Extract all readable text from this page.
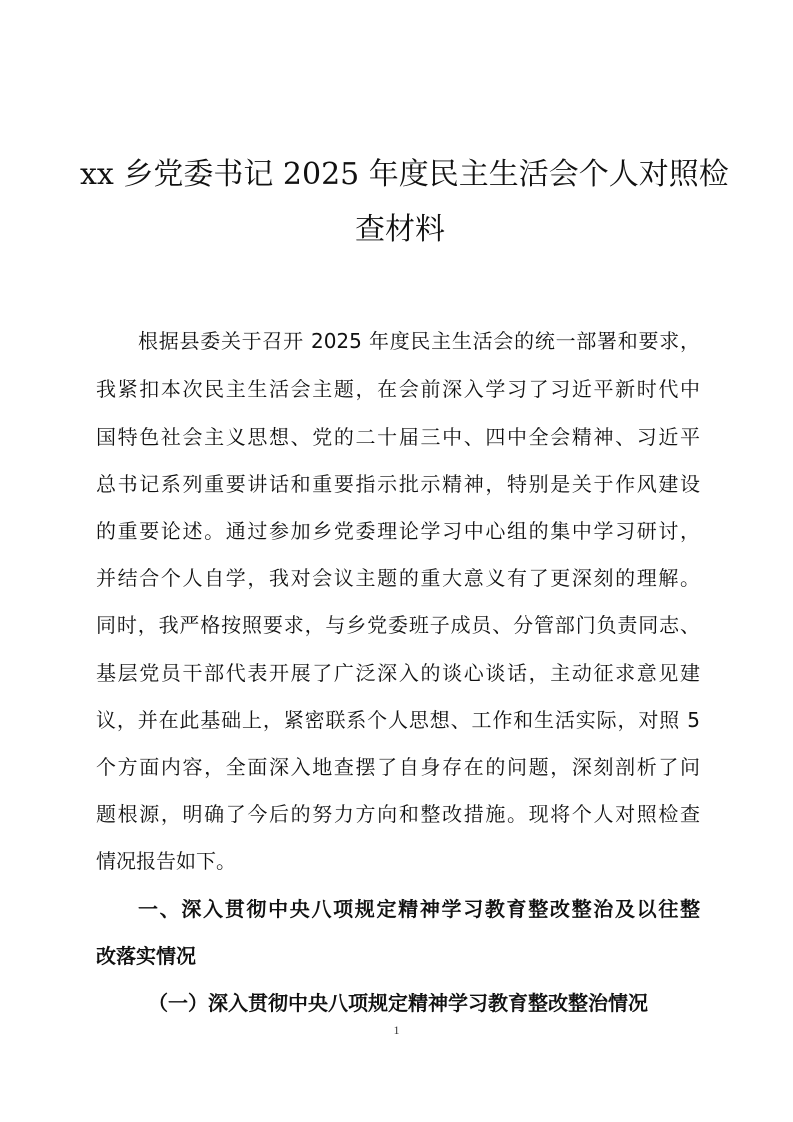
xx 乡党委书记 2025 年度民主生活会个人对照检
查材料
根据县委关于召开 2025 年度民主生活会的统一部署和要求，
我紧扣本次民主生活会主题，在会前深入学习了习近平新时代中
国特色社会主义思想、党的二十届三中、四中全会精神、习近平
总书记系列重要讲话和重要指示批示精神，特别是关于作风建设
的重要论述。通过参加乡党委理论学习中心组的集中学习研讨，
并结合个人自学，我对会议主题的重大意义有了更深刻的理解。
同时，我严格按照要求，与乡党委班子成员、分管部门负责同志、
基层党员干部代表开展了广泛深入的谈心谈话，主动征求意见建
议，并在此基础上，紧密联系个人思想、工作和生活实际，对照 5
个方面内容，全面深入地查摆了自身存在的问题，深刻剖析了问
题根源，明确了今后的努力方向和整改措施。现将个人对照检查
情况报告如下。
一、深入贯彻中央八项规定精神学习教育整改整治及以往整
改落实情况
（一）深入贯彻中央八项规定精神学习教育整改整治情况
1
